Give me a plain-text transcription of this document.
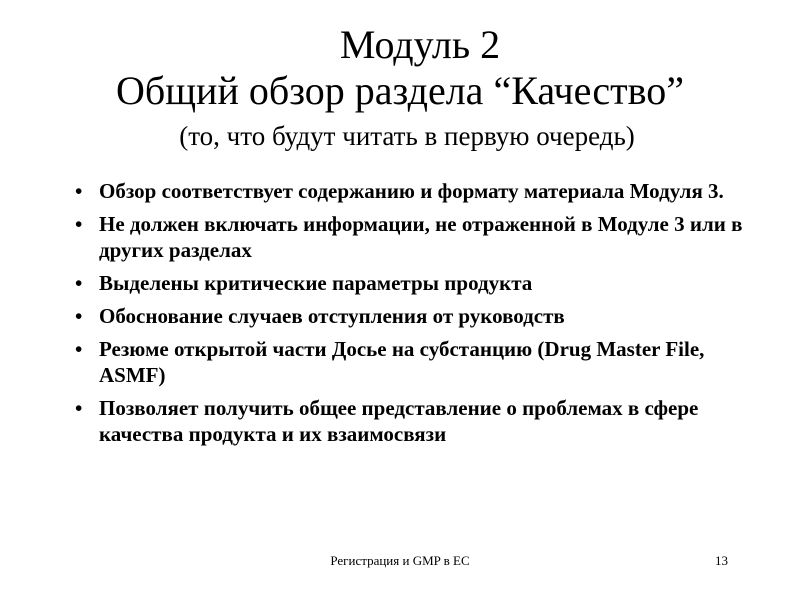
Модуль 2
Общий обзор раздела “Качество”
(то, что будут читать в первую очередь)
• Обзор соответствует содержанию и формату материала Модуля 3.
• Не должен включать информации, не отраженной в Модуле 3 или в других разделах
• Выделены критические параметры продукта
• Обоснование случаев отступления от руководств
• Резюме открытой части Досье на субстанцию (Drug Master File, ASMF)
• Позволяет получить общее представление о проблемах в сфере качества продукта и их взаимосвязи
Регистрация и GMP в ЕС	13
